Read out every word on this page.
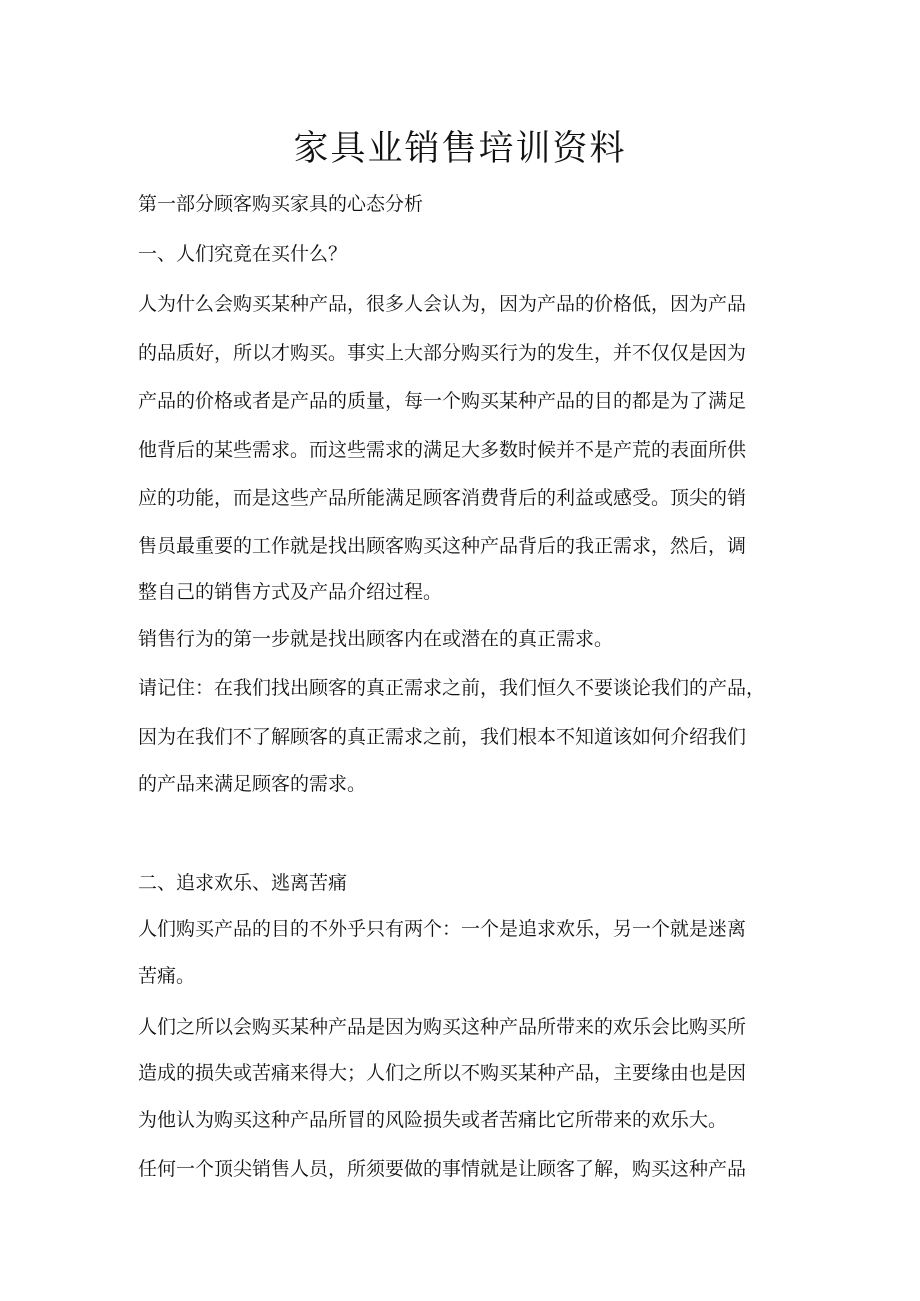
家具业销售培训资料

第一部分顾客购买家具的心态分析

一、人们究竟在买什么？

人为什么会购买某种产品，很多人会认为，因为产品的价格低，因为产品

的品质好，所以才购买。事实上大部分购买行为的发生，并不仅仅是因为

产品的价格或者是产品的质量，每一个购买某种产品的目的都是为了满足

他背后的某些需求。而这些需求的满足大多数时候并不是产荒的表面所供

应的功能，而是这些产品所能满足顾客消费背后的利益或感受。顶尖的销

售员最重要的工作就是找出顾客购买这种产品背后的我正需求，然后，调

整自己的销售方式及产品介绍过程。

销售行为的第一步就是找出顾客内在或潜在的真正需求。

请记住：在我们找出顾客的真正需求之前，我们恒久不要谈论我们的产品，

因为在我们不了解顾客的真正需求之前，我们根本不知道该如何介绍我们

的产品来满足顾客的需求。

二、追求欢乐、逃离苦痛

人们购买产品的目的不外乎只有两个：一个是追求欢乐，另一个就是迷离

苦痛。

人们之所以会购买某种产品是因为购买这种产品所带来的欢乐会比购买所

造成的损失或苦痛来得大；人们之所以不购买某种产品，主要缘由也是因

为他认为购买这种产品所冒的风险损失或者苦痛比它所带来的欢乐大。

任何一个顶尖销售人员，所须要做的事情就是让顾客了解，购买这种产品
